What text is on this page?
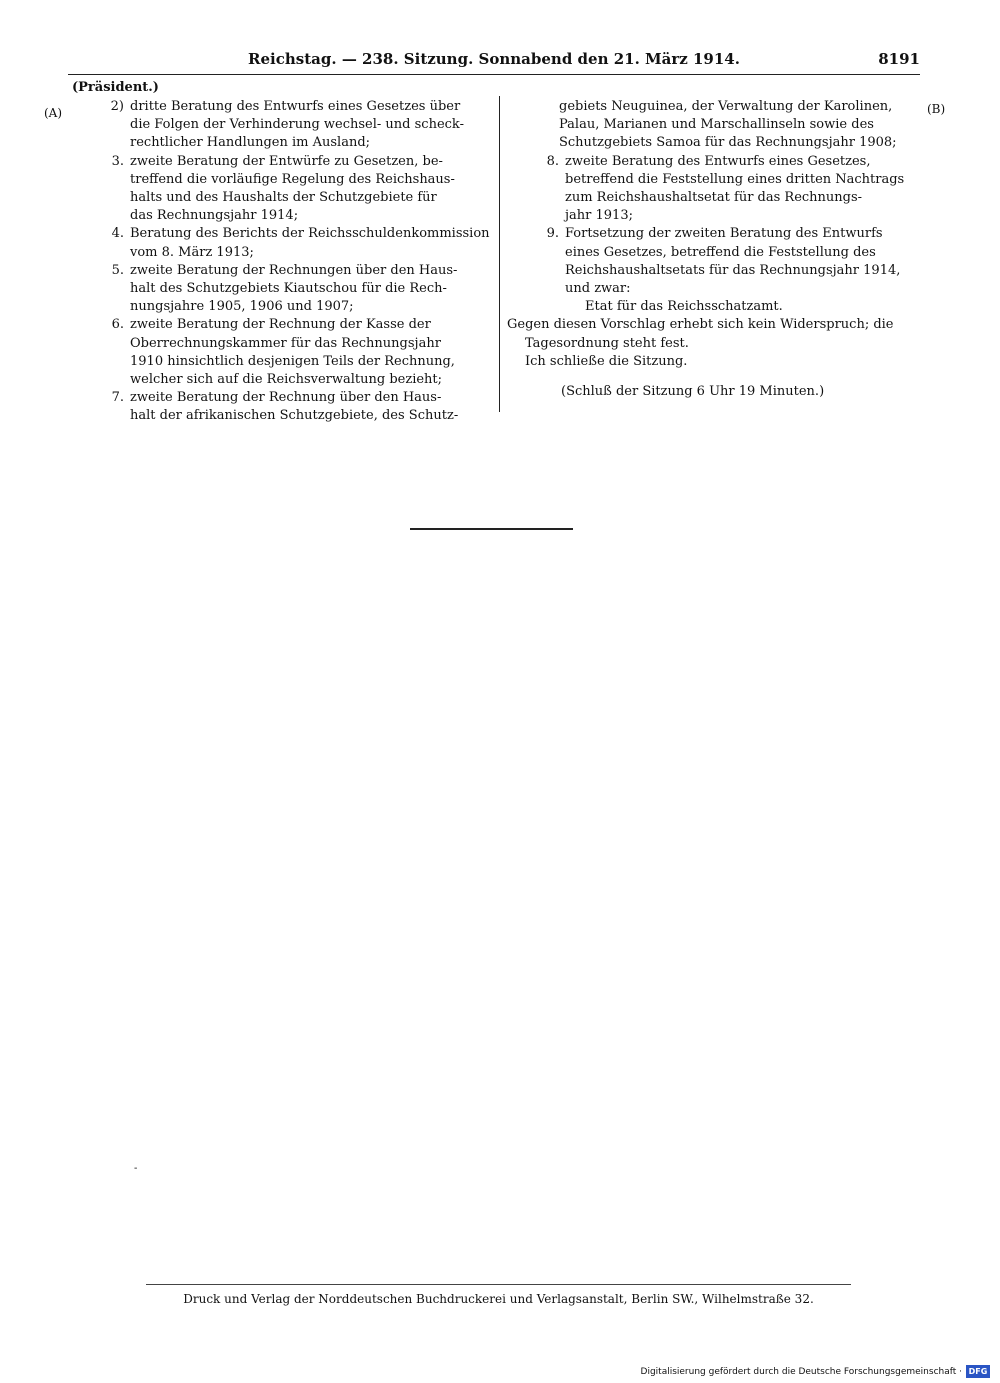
Reichstag. — 238. Sitzung. Sonnabend den 21. März 1914.	8191
(Präsident.)
(A)	(B)
2) dritte Beratung des Entwurfs eines Gesetzes über
die Folgen der Verhinderung wechsel- und scheck-
rechtlicher Handlungen im Ausland;
3. zweite Beratung der Entwürfe zu Gesetzen, be-
treffend die vorläufige Regelung des Reichshaus-
halts und des Haushalts der Schutzgebiete für
das Rechnungsjahr 1914;
4. Beratung des Berichts der Reichsschuldenkommission
vom 8. März 1913;
5. zweite Beratung der Rechnungen über den Haus-
halt des Schutzgebiets Kiautschou für die Rech-
nungsjahre 1905, 1906 und 1907;
6. zweite Beratung der Rechnung der Kasse der
Oberrechnungskammer für das Rechnungsjahr
1910 hinsichtlich desjenigen Teils der Rechnung,
welcher sich auf die Reichsverwaltung bezieht;
7. zweite Beratung der Rechnung über den Haus-
halt der afrikanischen Schutzgebiete, des Schutz-
gebiets Neuguinea, der Verwaltung der Karolinen,
Palau, Marianen und Marschallinseln sowie des
Schutzgebiets Samoa für das Rechnungsjahr 1908;
8. zweite Beratung des Entwurfs eines Gesetzes,
betreffend die Feststellung eines dritten Nachtrags
zum Reichshaushaltsetat für das Rechnungs-
jahr 1913;
9. Fortsetzung der zweiten Beratung des Entwurfs
eines Gesetzes, betreffend die Feststellung des
Reichshaushaltsetats für das Rechnungsjahr 1914,
und zwar:
Etat für das Reichsschatzamt.
Gegen diesen Vorschlag erhebt sich kein Widerspruch; die
Tagesordnung steht fest.
Ich schließe die Sitzung.
(Schluß der Sitzung 6 Uhr 19 Minuten.)
-
Druck und Verlag der Norddeutschen Buchdruckerei und Verlagsanstalt, Berlin SW., Wilhelmstraße 32.
Digitalisierung gefördert durch die Deutsche Forschungsgemeinschaft · DFG
